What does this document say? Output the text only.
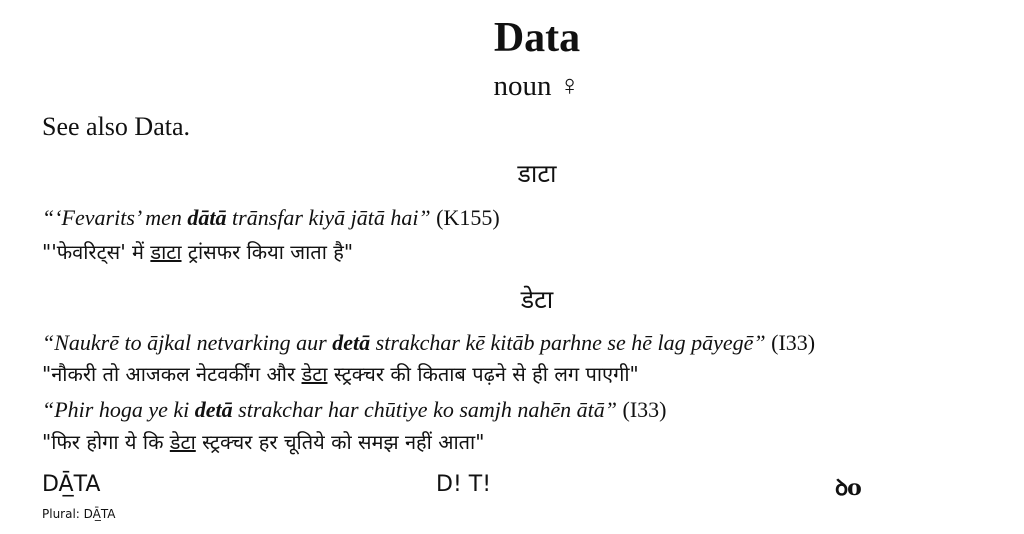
Data
noun ♀
See also Data.
डाटा
“‘Fevarits’ men dātā trānsfar kiyā jātā hai” (K155)
"'फेवरिट्स' में डाटा ट्रांसफर किया जाता है"
डेटा
“Naukrē to ājkal netvarking aur detā strakchar kē kitāb parhne se hē lag pāyegē” (I33)
"नौकरी तो आजकल नेटवर्कींग और डेटा स्ट्रक्चर की किताब पढ़ने से ही लग पाएगी"
“Phir hoga ye ki detā strakchar har chūtiye ko samjh nahēn ātā” (I33)
"फिर होगा ये कि डेटा स्ट्रक्चर हर चूतिये को समझ नहीं आता"
DĀ̲TA	D! T!	ꝺo
Plural: DĀ̲TA
